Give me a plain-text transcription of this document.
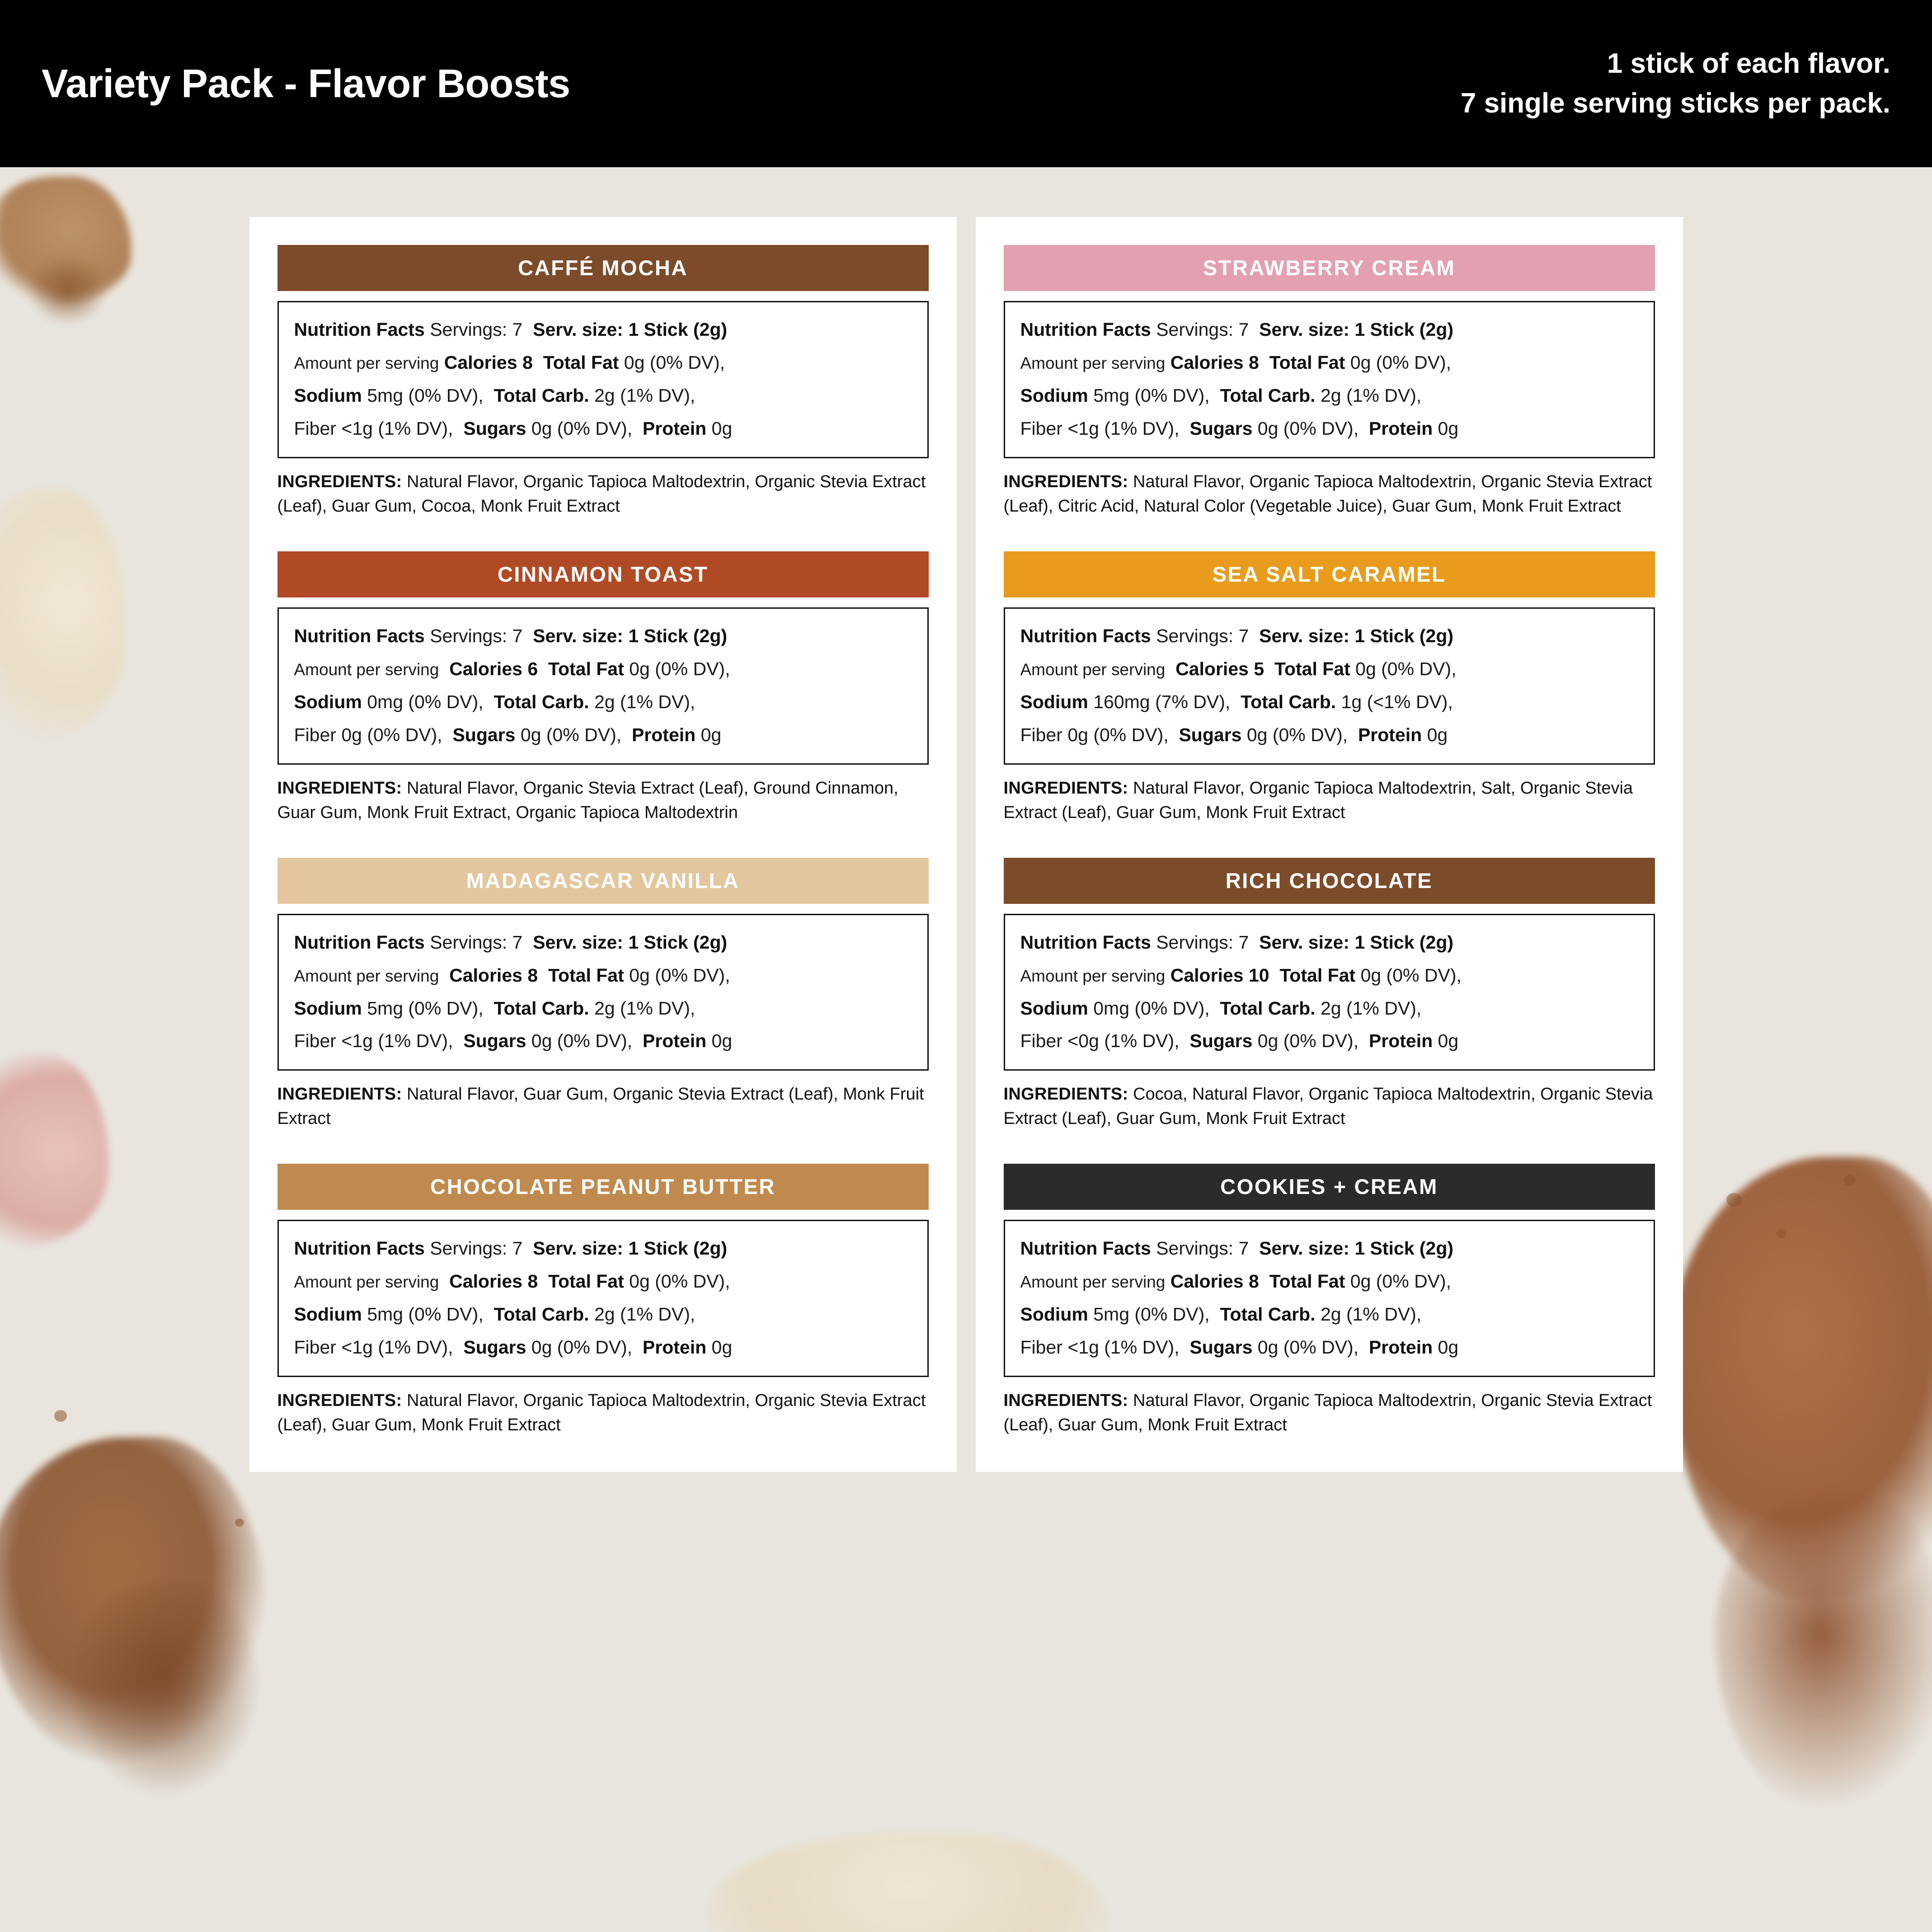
Variety Pack - Flavor Boosts	1 stick of each flavor.
7 single serving sticks per pack.
CAFFÉ MOCHA
Nutrition Facts Servings: 7 Serv. size: 1 Stick (2g)
Amount per serving Calories 8 Total Fat 0g (0% DV),
Sodium 5mg (0% DV), Total Carb. 2g (1% DV),
Fiber <1g (1% DV), Sugars 0g (0% DV), Protein 0g
INGREDIENTS: Natural Flavor, Organic Tapioca Maltodextrin, Organic Stevia Extract (Leaf), Guar Gum, Cocoa, Monk Fruit Extract
CINNAMON TOAST
Nutrition Facts Servings: 7 Serv. size: 1 Stick (2g)
Amount per serving Calories 6 Total Fat 0g (0% DV),
Sodium 0mg (0% DV), Total Carb. 2g (1% DV),
Fiber 0g (0% DV), Sugars 0g (0% DV), Protein 0g
INGREDIENTS: Natural Flavor, Organic Stevia Extract (Leaf), Ground Cinnamon, Guar Gum, Monk Fruit Extract, Organic Tapioca Maltodextrin
MADAGASCAR VANILLA
Nutrition Facts Servings: 7 Serv. size: 1 Stick (2g)
Amount per serving Calories 8 Total Fat 0g (0% DV),
Sodium 5mg (0% DV), Total Carb. 2g (1% DV),
Fiber <1g (1% DV), Sugars 0g (0% DV), Protein 0g
INGREDIENTS: Natural Flavor, Guar Gum, Organic Stevia Extract (Leaf), Monk Fruit Extract
CHOCOLATE PEANUT BUTTER
Nutrition Facts Servings: 7 Serv. size: 1 Stick (2g)
Amount per serving Calories 8 Total Fat 0g (0% DV),
Sodium 5mg (0% DV), Total Carb. 2g (1% DV),
Fiber <1g (1% DV), Sugars 0g (0% DV), Protein 0g
INGREDIENTS: Natural Flavor, Organic Tapioca Maltodextrin, Organic Stevia Extract (Leaf), Guar Gum, Monk Fruit Extract
STRAWBERRY CREAM
Nutrition Facts Servings: 7 Serv. size: 1 Stick (2g)
Amount per serving Calories 8 Total Fat 0g (0% DV),
Sodium 5mg (0% DV), Total Carb. 2g (1% DV),
Fiber <1g (1% DV), Sugars 0g (0% DV), Protein 0g
INGREDIENTS: Natural Flavor, Organic Tapioca Maltodextrin, Organic Stevia Extract (Leaf), Citric Acid, Natural Color (Vegetable Juice), Guar Gum, Monk Fruit Extract
SEA SALT CARAMEL
Nutrition Facts Servings: 7 Serv. size: 1 Stick (2g)
Amount per serving Calories 5 Total Fat 0g (0% DV),
Sodium 160mg (7% DV), Total Carb. 1g (<1% DV),
Fiber 0g (0% DV), Sugars 0g (0% DV), Protein 0g
INGREDIENTS: Natural Flavor, Organic Tapioca Maltodextrin, Salt, Organic Stevia Extract (Leaf), Guar Gum, Monk Fruit Extract
RICH CHOCOLATE
Nutrition Facts Servings: 7 Serv. size: 1 Stick (2g)
Amount per serving Calories 10 Total Fat 0g (0% DV),
Sodium 0mg (0% DV), Total Carb. 2g (1% DV),
Fiber <0g (1% DV), Sugars 0g (0% DV), Protein 0g
INGREDIENTS: Cocoa, Natural Flavor, Organic Tapioca Maltodextrin, Organic Stevia Extract (Leaf), Guar Gum, Monk Fruit Extract
COOKIES + CREAM
Nutrition Facts Servings: 7 Serv. size: 1 Stick (2g)
Amount per serving Calories 8 Total Fat 0g (0% DV),
Sodium 5mg (0% DV), Total Carb. 2g (1% DV),
Fiber <1g (1% DV), Sugars 0g (0% DV), Protein 0g
INGREDIENTS: Natural Flavor, Organic Tapioca Maltodextrin, Organic Stevia Extract (Leaf), Guar Gum, Monk Fruit Extract
